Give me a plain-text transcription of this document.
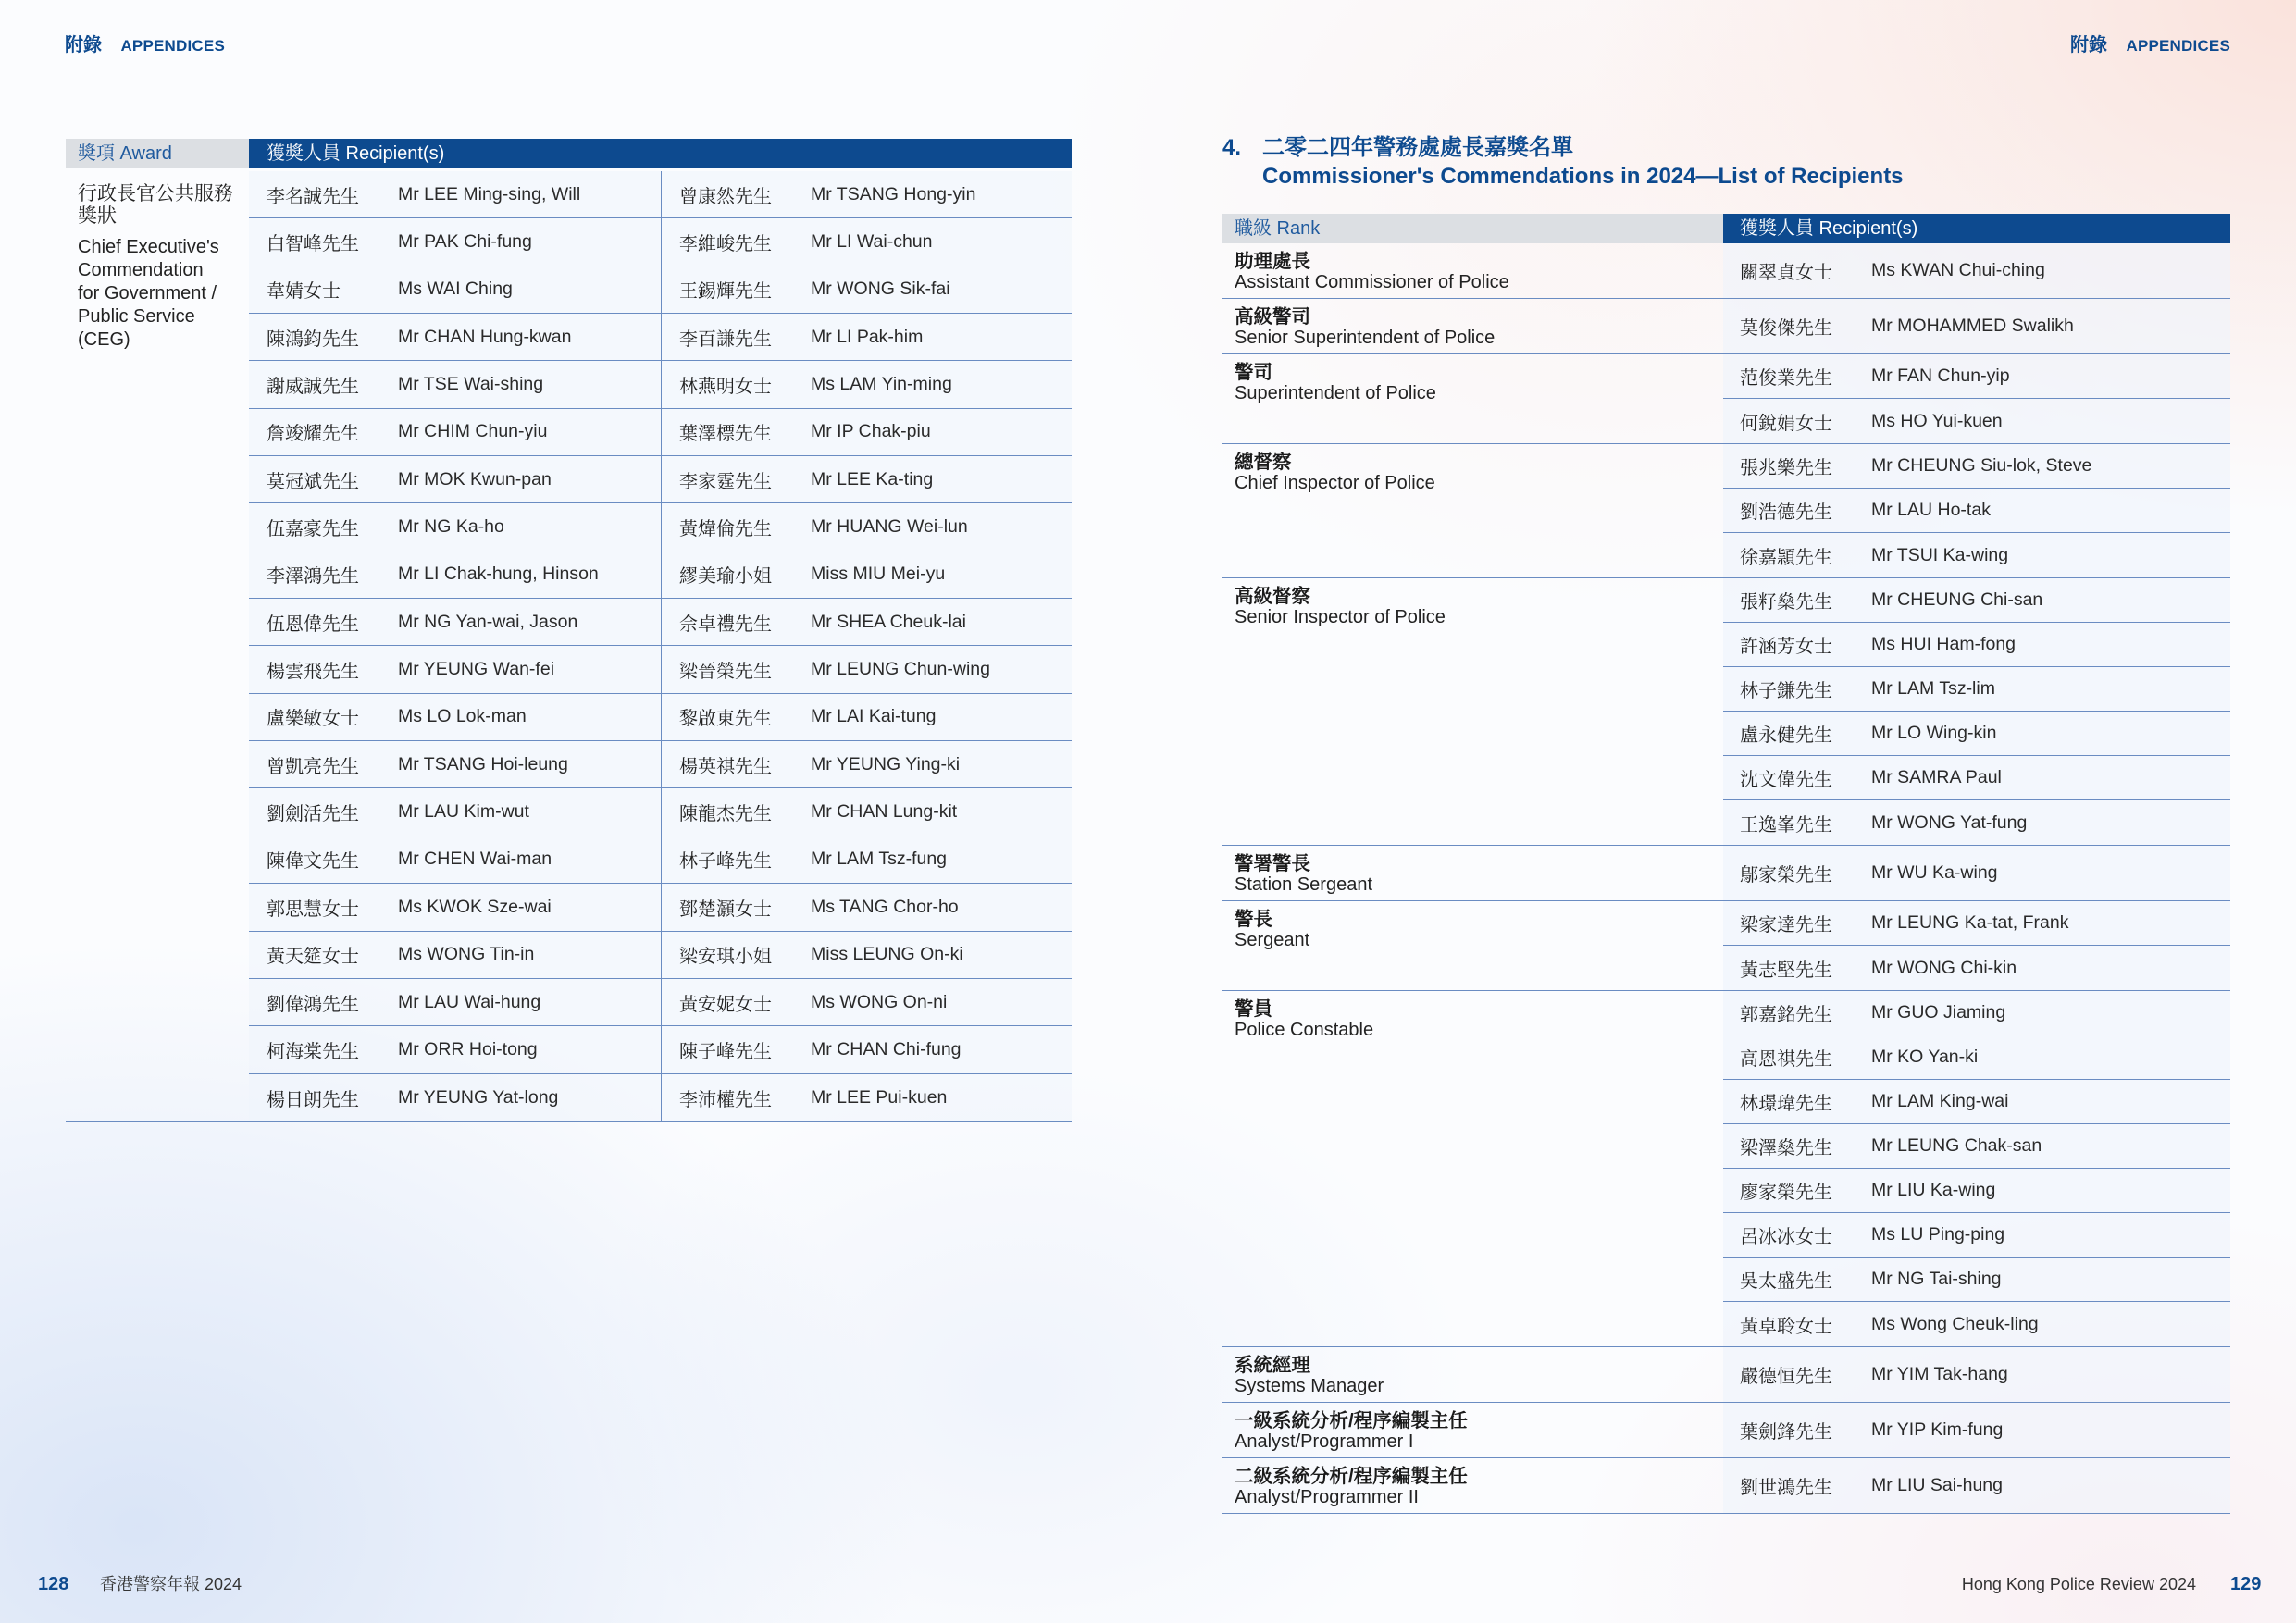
附錄 APPENDICES
獎項 Award	獲獎人員 Recipient(s)
行政長官公共服務
獎狀
Chief Executive's
Commendation
for Government /
Public Service
(CEG)
李名誠先生	Mr LEE Ming-sing, Will	曾康然先生	Mr TSANG Hong-yin
白智峰先生	Mr PAK Chi-fung	李維峻先生	Mr LI Wai-chun
韋婧女士	Ms WAI Ching	王錫輝先生	Mr WONG Sik-fai
陳鴻鈞先生	Mr CHAN Hung-kwan	李百謙先生	Mr LI Pak-him
謝威誠先生	Mr TSE Wai-shing	林燕明女士	Ms LAM Yin-ming
詹竣耀先生	Mr CHIM Chun-yiu	葉澤標先生	Mr IP Chak-piu
莫冠斌先生	Mr MOK Kwun-pan	李家霆先生	Mr LEE Ka-ting
伍嘉豪先生	Mr NG Ka-ho	黃煒倫先生	Mr HUANG Wei-lun
李澤鴻先生	Mr LI Chak-hung, Hinson	繆美瑜小姐	Miss MIU Mei-yu
伍恩偉先生	Mr NG Yan-wai, Jason	佘卓禮先生	Mr SHEA Cheuk-lai
楊雲飛先生	Mr YEUNG Wan-fei	梁晉榮先生	Mr LEUNG Chun-wing
盧樂敏女士	Ms LO Lok-man	黎啟東先生	Mr LAI Kai-tung
曾凱亮先生	Mr TSANG Hoi-leung	楊英祺先生	Mr YEUNG Ying-ki
劉劍活先生	Mr LAU Kim-wut	陳龍杰先生	Mr CHAN Lung-kit
陳偉文先生	Mr CHEN Wai-man	林子峰先生	Mr LAM Tsz-fung
郭思慧女士	Ms KWOK Sze-wai	鄧楚灝女士	Ms TANG Chor-ho
黃天筵女士	Ms WONG Tin-in	梁安琪小姐	Miss LEUNG On-ki
劉偉鴻先生	Mr LAU Wai-hung	黃安妮女士	Ms WONG On-ni
柯海棠先生	Mr ORR Hoi-tong	陳子峰先生	Mr CHAN Chi-fung
楊日朗先生	Mr YEUNG Yat-long	李沛權先生	Mr LEE Pui-kuen
128 香港警察年報 2024
附錄 APPENDICES
4. 二零二四年警務處處長嘉獎名單
Commissioner's Commendations in 2024—List of Recipients
職級 Rank	獲獎人員 Recipient(s)
助理處長
Assistant Commissioner of Police	關翠貞女士	Ms KWAN Chui-ching
高級警司
Senior Superintendent of Police	莫俊傑先生	Mr MOHAMMED Swalikh
警司
Superintendent of Police
范俊業先生	Mr FAN Chun-yip
何銳娟女士	Ms HO Yui-kuen
總督察
Chief Inspector of Police
張兆樂先生	Mr CHEUNG Siu-lok, Steve
劉浩德先生	Mr LAU Ho-tak
徐嘉頴先生	Mr TSUI Ka-wing
高級督察
Senior Inspector of Police
張籽燊先生	Mr CHEUNG Chi-san
許涵芳女士	Ms HUI Ham-fong
林子鎌先生	Mr LAM Tsz-lim
盧永健先生	Mr LO Wing-kin
沈文偉先生	Mr SAMRA Paul
王逸峯先生	Mr WONG Yat-fung
警署警長
Station Sergeant	鄔家榮先生	Mr WU Ka-wing
警長
Sergeant
梁家達先生	Mr LEUNG Ka-tat, Frank
黃志堅先生	Mr WONG Chi-kin
警員
Police Constable
郭嘉銘先生	Mr GUO Jiaming
高恩祺先生	Mr KO Yan-ki
林璟瑋先生	Mr LAM King-wai
梁澤燊先生	Mr LEUNG Chak-san
廖家榮先生	Mr LIU Ka-wing
呂冰冰女士	Ms LU Ping-ping
吳太盛先生	Mr NG Tai-shing
黃卓聆女士	Ms Wong Cheuk-ling
系統經理
Systems Manager	嚴德恒先生	Mr YIM Tak-hang
一級系統分析/程序編製主任
Analyst/Programmer I	葉劍鋒先生	Mr YIP Kim-fung
二級系統分析/程序編製主任
Analyst/Programmer II	劉世鴻先生	Mr LIU Sai-hung
Hong Kong Police Review 2024 129
